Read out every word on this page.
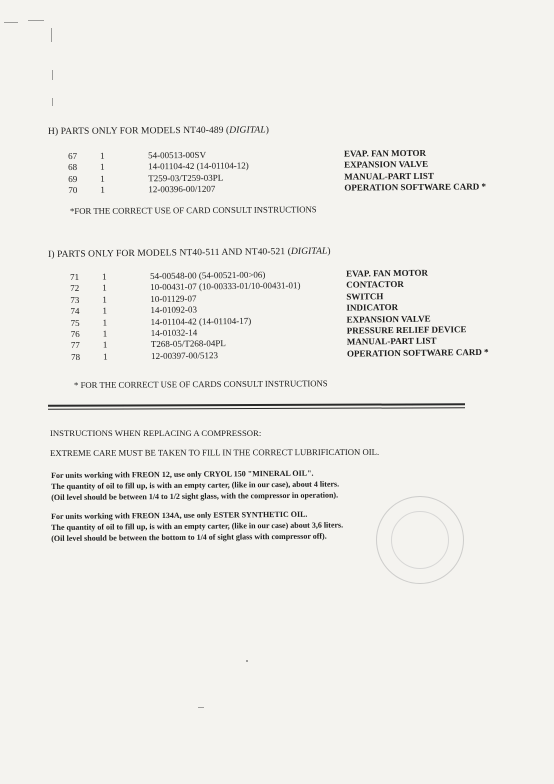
H) PARTS ONLY FOR MODELS NT40-489 (DIGITAL)
67	1	54-00513-00SV	EVAP. FAN MOTOR
68	1	14-01104-42 (14-01104-12)	EXPANSION VALVE
69	1	T259-03/T259-03PL	MANUAL-PART LIST
70	1	12-00396-00/1207	OPERATION SOFTWARE CARD *
*FOR THE CORRECT USE OF CARD CONSULT INSTRUCTIONS
I) PARTS ONLY FOR MODELS NT40-511 AND NT40-521 (DIGITAL)
71	1	54-00548-00 (54-00521-00>06)	EVAP. FAN MOTOR
72	1	10-00431-07 (10-00333-01/10-00431-01)	CONTACTOR
73	1	10-01129-07	SWITCH
74	1	14-01092-03	INDICATOR
75	1	14-01104-42 (14-01104-17)	EXPANSION VALVE
76	1	14-01032-14	PRESSURE RELIEF DEVICE
77	1	T268-05/T268-04PL	MANUAL-PART LIST
78	1	12-00397-00/5123	OPERATION SOFTWARE CARD *
* FOR THE CORRECT USE OF CARDS CONSULT INSTRUCTIONS
INSTRUCTIONS WHEN REPLACING A COMPRESSOR:
EXTREME CARE MUST BE TAKEN TO FILL IN THE CORRECT LUBRIFICATION OIL.
For units working with FREON 12, use only CRYOL 150 "MINERAL OIL".
The quantity of oil to fill up, is with an empty carter, (like in our case), about 4 liters.
(Oil level should be between 1/4 to 1/2 sight glass, with the compressor in operation).
For units working with FREON 134A, use only ESTER SYNTHETIC OIL.
The quantity of oil to fill up, is with an empty carter, (like in our case) about 3,6 liters.
(Oil level should be between the bottom to 1/4 of sight glass with compressor off).
